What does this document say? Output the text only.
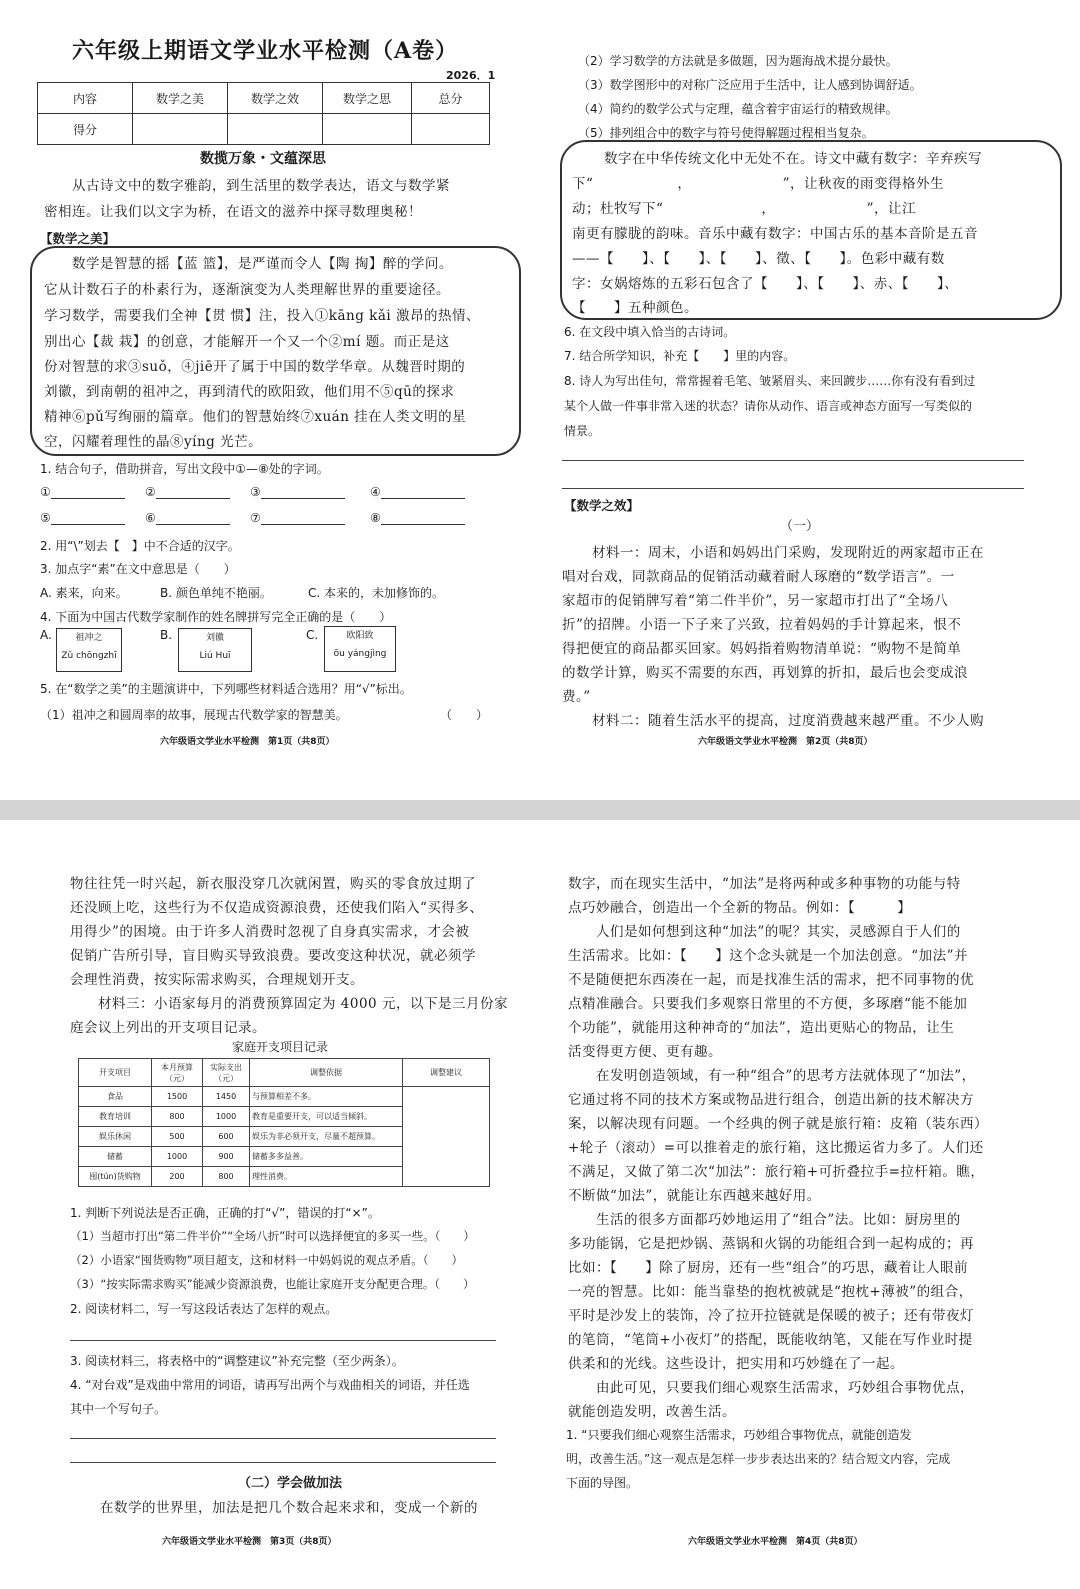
六年级上期语文学业水平检测（A卷）
2026．1
内容	数学之美	数学之效	数学之思	总分
得分				
数揽万象・文蕴深思
从古诗文中的数字雅韵，到生活里的数学表达，语文与数学紧
密相连。让我们以文字为桥，在语文的滋养中探寻数理奥秘！
【数学之美】
数学是智慧的摇【蓝 篮】，是严谨而令人【陶 掏】醉的学问。
它从计数石子的朴素行为，逐渐演变为人类理解世界的重要途径。
学习数学，需要我们全神【贯 惯】注，投入①kāng kǎi 激昂的热情、
别出心【裁 栽】的创意，才能解开一个又一个②mí 题。而正是这
份对智慧的求③suǒ，④jiē开了属于中国的数学华章。从魏晋时期的
刘徽，到南朝的祖冲之，再到清代的欧阳致，他们用不⑤qū的探求
精神⑥pǔ写绚丽的篇章。他们的智慧始终⑦xuán 挂在人类文明的星
空，闪耀着理性的晶⑧yíng 光芒。
1. 结合句子，借助拼音，写出文段中①—⑧处的字词。
①	②	③	④
⑤	⑥	⑦	⑧
2. 用“\”划去【　】中不合适的汉字。
3. 加点字“素”在文中意思是（　　）
A. 素来，向来。	B. 颜色单纯不艳丽。	C. 本来的，未加修饰的。
4. 下面为中国古代数学家制作的姓名牌拼写完全正确的是（　　）
A.	祖冲之
Zǔ chōngzhī
B.	刘徽
Liú Huī
C.	欧阳致
ōu yángjìng
5. 在“数学之美”的主题演讲中，下列哪些材料适合选用？用“√”标出。
（1）祖冲之和圆周率的故事，展现古代数学家的智慧美。	（　　）
六年级语文学业水平检测　第1页（共8页）
（2）学习数学的方法就是多做题，因为题海战术提分最快。
（3）数学图形中的对称广泛应用于生活中，让人感到协调舒适。
（4）简约的数学公式与定理，蕴含着宇宙运行的精致规律。
（5）排列组合中的数字与符号使得解题过程相当复杂。
数字在中华传统文化中无处不在。诗文中藏有数字：辛弃疾写
下“　　　　　　，　　　　　　　”，让秋夜的雨变得格外生
动；杜牧写下“　　　　　　　，　　　　　　　”，让江
南更有朦胧的韵味。音乐中藏有数字：中国古乐的基本音阶是五音
——【　　】、【　　】、【　　】、徵、【　　】。色彩中藏有数
字：女娲熔炼的五彩石包含了【　　】、【　　】、赤、【　　】、
【　　】五种颜色。
6. 在文段中填入恰当的古诗词。
7. 结合所学知识，补充【　　】里的内容。
8. 诗人为写出佳句，常常握着毛笔、皱紧眉头、来回踱步……你有没有看到过
某个人做一件事非常入迷的状态？请你从动作、语言或神态方面写一写类似的
情景。
【数学之效】
（一）
材料一：周末，小语和妈妈出门采购，发现附近的两家超市正在
唱对台戏，同款商品的促销活动藏着耐人琢磨的“数学语言”。一
家超市的促销牌写着“第二件半价”，另一家超市打出了“全场八
折”的招牌。小语一下子来了兴致，拉着妈妈的手计算起来，恨不
得把便宜的商品都买回家。妈妈指着购物清单说：“购物不是简单
的数学计算，购买不需要的东西，再划算的折扣，最后也会变成浪
费。”
材料二：随着生活水平的提高，过度消费越来越严重。不少人购
六年级语文学业水平检测　第2页（共8页）
物往往凭一时兴起，新衣服没穿几次就闲置，购买的零食放过期了
还没顾上吃，这些行为不仅造成资源浪费，还使我们陷入“买得多、
用得少”的困境。由于许多人消费时忽视了自身真实需求，才会被
促销广告所引导，盲目购买导致浪费。要改变这种状况，就必须学
会理性消费，按实际需求购买，合理规划开支。
材料三：小语家每月的消费预算固定为 4000 元，以下是三月份家
庭会议上列出的开支项目记录。
家庭开支项目记录
开支项目	本月预算（元）	实际支出（元）	调整依据	调整建议
食品	1500	1450	与预算相差不多。	
教育培训	800	1000	教育是重要开支，可以适当倾斜。	
娱乐休闲	500	600	娱乐为非必须开支，尽量不超预算。	
储蓄	1000	900	储蓄多多益善。	
囤(tún)货购物	200	800	理性消费。	
1. 判断下列说法是否正确，正确的打“√”，错误的打“×”。
（1）当超市打出“第二件半价”“全场八折”时可以选择便宜的多买一些。（　　）
（2）小语家“囤货购物”项目超支，这和材料一中妈妈说的观点矛盾。（　　）
（3）“按实际需求购买”能减少资源浪费，也能让家庭开支分配更合理。（　　）
2. 阅读材料二，写一写这段话表达了怎样的观点。
3. 阅读材料三，将表格中的“调整建议”补充完整（至少两条）。
4. “对台戏”是戏曲中常用的词语，请再写出两个与戏曲相关的词语，并任选
其中一个写句子。
（二）学会做加法
在数学的世界里，加法是把几个数合起来求和，变成一个新的
六年级语文学业水平检测　第3页（共8页）
数字，而在现实生活中，“加法”是将两种或多种事物的功能与特
点巧妙融合，创造出一个全新的物品。例如：【　　　】
　　人们是如何想到这种“加法”的呢？其实，灵感源自于人们的
生活需求。比如：【　　】这个念头就是一个加法创意。“加法”并
不是随便把东西凑在一起，而是找准生活的需求，把不同事物的优
点精准融合。只要我们多观察日常里的不方便，多琢磨“能不能加
个功能”，就能用这种神奇的“加法”，造出更贴心的物品，让生
活变得更方便、更有趣。
　　在发明创造领域，有一种“组合”的思考方法就体现了“加法”，
它通过将不同的技术方案或物品进行组合，创造出新的技术解决方
案，以解决现有问题。一个经典的例子就是旅行箱：皮箱（装东西）
+轮子（滚动）=可以推着走的旅行箱，这比搬运省力多了。人们还
不满足，又做了第二次“加法”：旅行箱+可折叠拉手=拉杆箱。瞧，
不断做“加法”，就能让东西越来越好用。
　　生活的很多方面都巧妙地运用了“组合”法。比如：厨房里的
多功能锅，它是把炒锅、蒸锅和火锅的功能组合到一起构成的；再
比如：【　　】除了厨房，还有一些“组合”的巧思，藏着让人眼前
一亮的智慧。比如：能当靠垫的抱枕被就是“抱枕+薄被”的组合，
平时是沙发上的装饰，冷了拉开拉链就是保暖的被子；还有带夜灯
的笔筒，“笔筒+小夜灯”的搭配，既能收纳笔，又能在写作业时提
供柔和的光线。这些设计，把实用和巧妙缝在了一起。
　　由此可见，只要我们细心观察生活需求，巧妙组合事物优点，
就能创造发明，改善生活。
1. “只要我们细心观察生活需求，巧妙组合事物优点，就能创造发
明，改善生活。”这一观点是怎样一步步表达出来的？结合短文内容，完成
下面的导图。
六年级语文学业水平检测　第4页（共8页）
